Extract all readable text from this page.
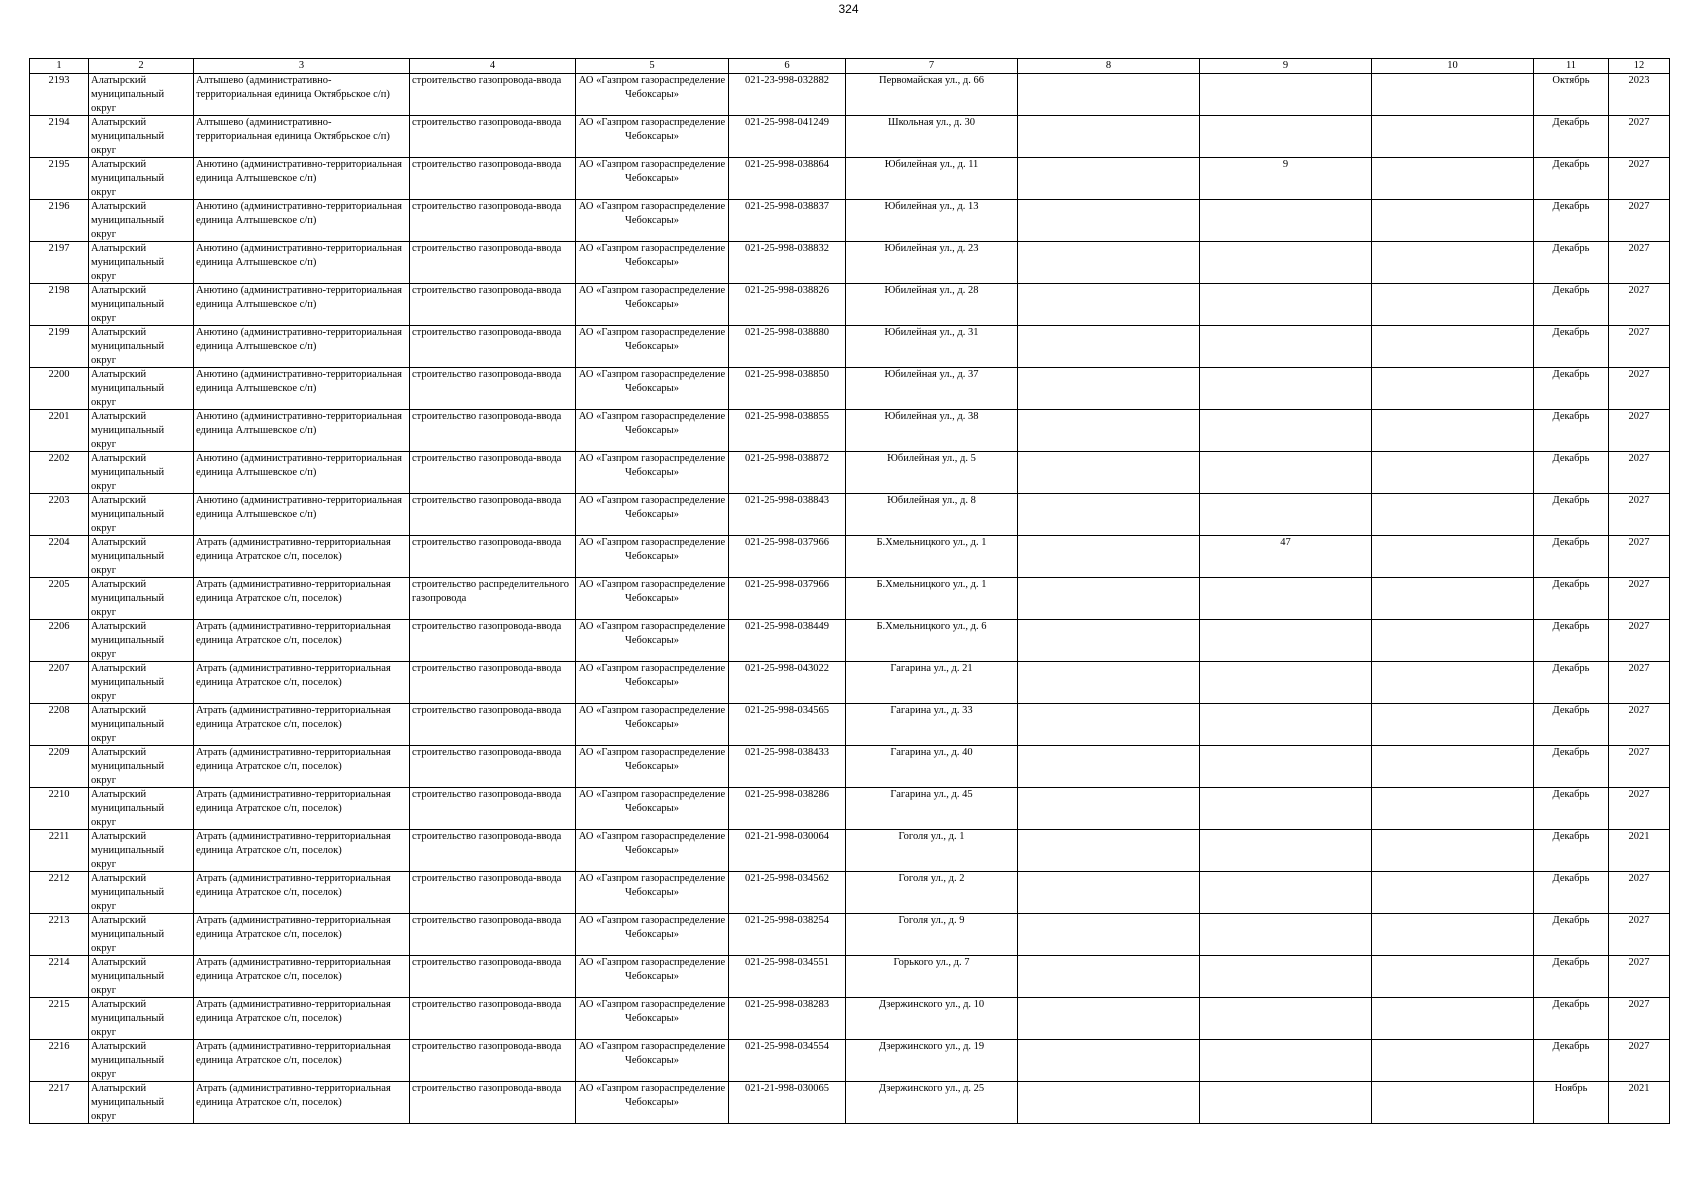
324
1	2	3	4	5	6	7	8	9	10	11	12

2193	Алатырский муниципальный округ	Алтышево (административно-территориальная единица Октябрьское с/п)	строительство газопровода-ввода	АО «Газпром газораспределение Чебоксары»	021-23-998-032882	Первомайская ул., д. 66				Октябрь	2023

2194	Алатырский муниципальный округ	Алтышево (административно-территориальная единица Октябрьское с/п)	строительство газопровода-ввода	АО «Газпром газораспределение Чебоксары»	021-25-998-041249	Школьная ул., д. 30				Декабрь	2027

2195	Алатырский муниципальный округ	Анютино (административно-территориальная единица Алтышевское с/п)	строительство газопровода-ввода	АО «Газпром газораспределение Чебоксары»	021-25-998-038864	Юбилейная ул., д. 11		9		Декабрь	2027

2196	Алатырский муниципальный округ	Анютино (административно-территориальная единица Алтышевское с/п)	строительство газопровода-ввода	АО «Газпром газораспределение Чебоксары»	021-25-998-038837	Юбилейная ул., д. 13				Декабрь	2027

2197	Алатырский муниципальный округ	Анютино (административно-территориальная единица Алтышевское с/п)	строительство газопровода-ввода	АО «Газпром газораспределение Чебоксары»	021-25-998-038832	Юбилейная ул., д. 23				Декабрь	2027

2198	Алатырский муниципальный округ	Анютино (административно-территориальная единица Алтышевское с/п)	строительство газопровода-ввода	АО «Газпром газораспределение Чебоксары»	021-25-998-038826	Юбилейная ул., д. 28				Декабрь	2027

2199	Алатырский муниципальный округ	Анютино (административно-территориальная единица Алтышевское с/п)	строительство газопровода-ввода	АО «Газпром газораспределение Чебоксары»	021-25-998-038880	Юбилейная ул., д. 31				Декабрь	2027

2200	Алатырский муниципальный округ	Анютино (административно-территориальная единица Алтышевское с/п)	строительство газопровода-ввода	АО «Газпром газораспределение Чебоксары»	021-25-998-038850	Юбилейная ул., д. 37				Декабрь	2027

2201	Алатырский муниципальный округ	Анютино (административно-территориальная единица Алтышевское с/п)	строительство газопровода-ввода	АО «Газпром газораспределение Чебоксары»	021-25-998-038855	Юбилейная ул., д. 38				Декабрь	2027

2202	Алатырский муниципальный округ	Анютино (административно-территориальная единица Алтышевское с/п)	строительство газопровода-ввода	АО «Газпром газораспределение Чебоксары»	021-25-998-038872	Юбилейная ул., д. 5				Декабрь	2027

2203	Алатырский муниципальный округ	Анютино (административно-территориальная единица Алтышевское с/п)	строительство газопровода-ввода	АО «Газпром газораспределение Чебоксары»	021-25-998-038843	Юбилейная ул., д. 8				Декабрь	2027

2204	Алатырский муниципальный округ	Атрать (административно-территориальная единица Атратское с/п, поселок)	строительство газопровода-ввода	АО «Газпром газораспределение Чебоксары»	021-25-998-037966	Б.Хмельницкого ул., д. 1		47		Декабрь	2027

2205	Алатырский муниципальный округ	Атрать (административно-территориальная единица Атратское с/п, поселок)	строительство распределительного газопровода	АО «Газпром газораспределение Чебоксары»	021-25-998-037966	Б.Хмельницкого ул., д. 1				Декабрь	2027

2206	Алатырский муниципальный округ	Атрать (административно-территориальная единица Атратское с/п, поселок)	строительство газопровода-ввода	АО «Газпром газораспределение Чебоксары»	021-25-998-038449	Б.Хмельницкого ул., д. 6				Декабрь	2027

2207	Алатырский муниципальный округ	Атрать (административно-территориальная единица Атратское с/п, поселок)	строительство газопровода-ввода	АО «Газпром газораспределение Чебоксары»	021-25-998-043022	Гагарина ул., д. 21				Декабрь	2027

2208	Алатырский муниципальный округ	Атрать (административно-территориальная единица Атратское с/п, поселок)	строительство газопровода-ввода	АО «Газпром газораспределение Чебоксары»	021-25-998-034565	Гагарина ул., д. 33				Декабрь	2027

2209	Алатырский муниципальный округ	Атрать (административно-территориальная единица Атратское с/п, поселок)	строительство газопровода-ввода	АО «Газпром газораспределение Чебоксары»	021-25-998-038433	Гагарина ул., д. 40				Декабрь	2027

2210	Алатырский муниципальный округ	Атрать (административно-территориальная единица Атратское с/п, поселок)	строительство газопровода-ввода	АО «Газпром газораспределение Чебоксары»	021-25-998-038286	Гагарина ул., д. 45				Декабрь	2027

2211	Алатырский муниципальный округ	Атрать (административно-территориальная единица Атратское с/п, поселок)	строительство газопровода-ввода	АО «Газпром газораспределение Чебоксары»	021-21-998-030064	Гоголя ул., д. 1				Декабрь	2021

2212	Алатырский муниципальный округ	Атрать (административно-территориальная единица Атратское с/п, поселок)	строительство газопровода-ввода	АО «Газпром газораспределение Чебоксары»	021-25-998-034562	Гоголя ул., д. 2				Декабрь	2027

2213	Алатырский муниципальный округ	Атрать (административно-территориальная единица Атратское с/п, поселок)	строительство газопровода-ввода	АО «Газпром газораспределение Чебоксары»	021-25-998-038254	Гоголя ул., д. 9				Декабрь	2027

2214	Алатырский муниципальный округ	Атрать (административно-территориальная единица Атратское с/п, поселок)	строительство газопровода-ввода	АО «Газпром газораспределение Чебоксары»	021-25-998-034551	Горького ул., д. 7				Декабрь	2027

2215	Алатырский муниципальный округ	Атрать (административно-территориальная единица Атратское с/п, поселок)	строительство газопровода-ввода	АО «Газпром газораспределение Чебоксары»	021-25-998-038283	Дзержинского ул., д. 10				Декабрь	2027

2216	Алатырский муниципальный округ	Атрать (административно-территориальная единица Атратское с/п, поселок)	строительство газопровода-ввода	АО «Газпром газораспределение Чебоксары»	021-25-998-034554	Дзержинского ул., д. 19				Декабрь	2027

2217	Алатырский муниципальный округ	Атрать (административно-территориальная единица Атратское с/п, поселок)	строительство газопровода-ввода	АО «Газпром газораспределение Чебоксары»	021-21-998-030065	Дзержинского ул., д. 25				Ноябрь	2021
